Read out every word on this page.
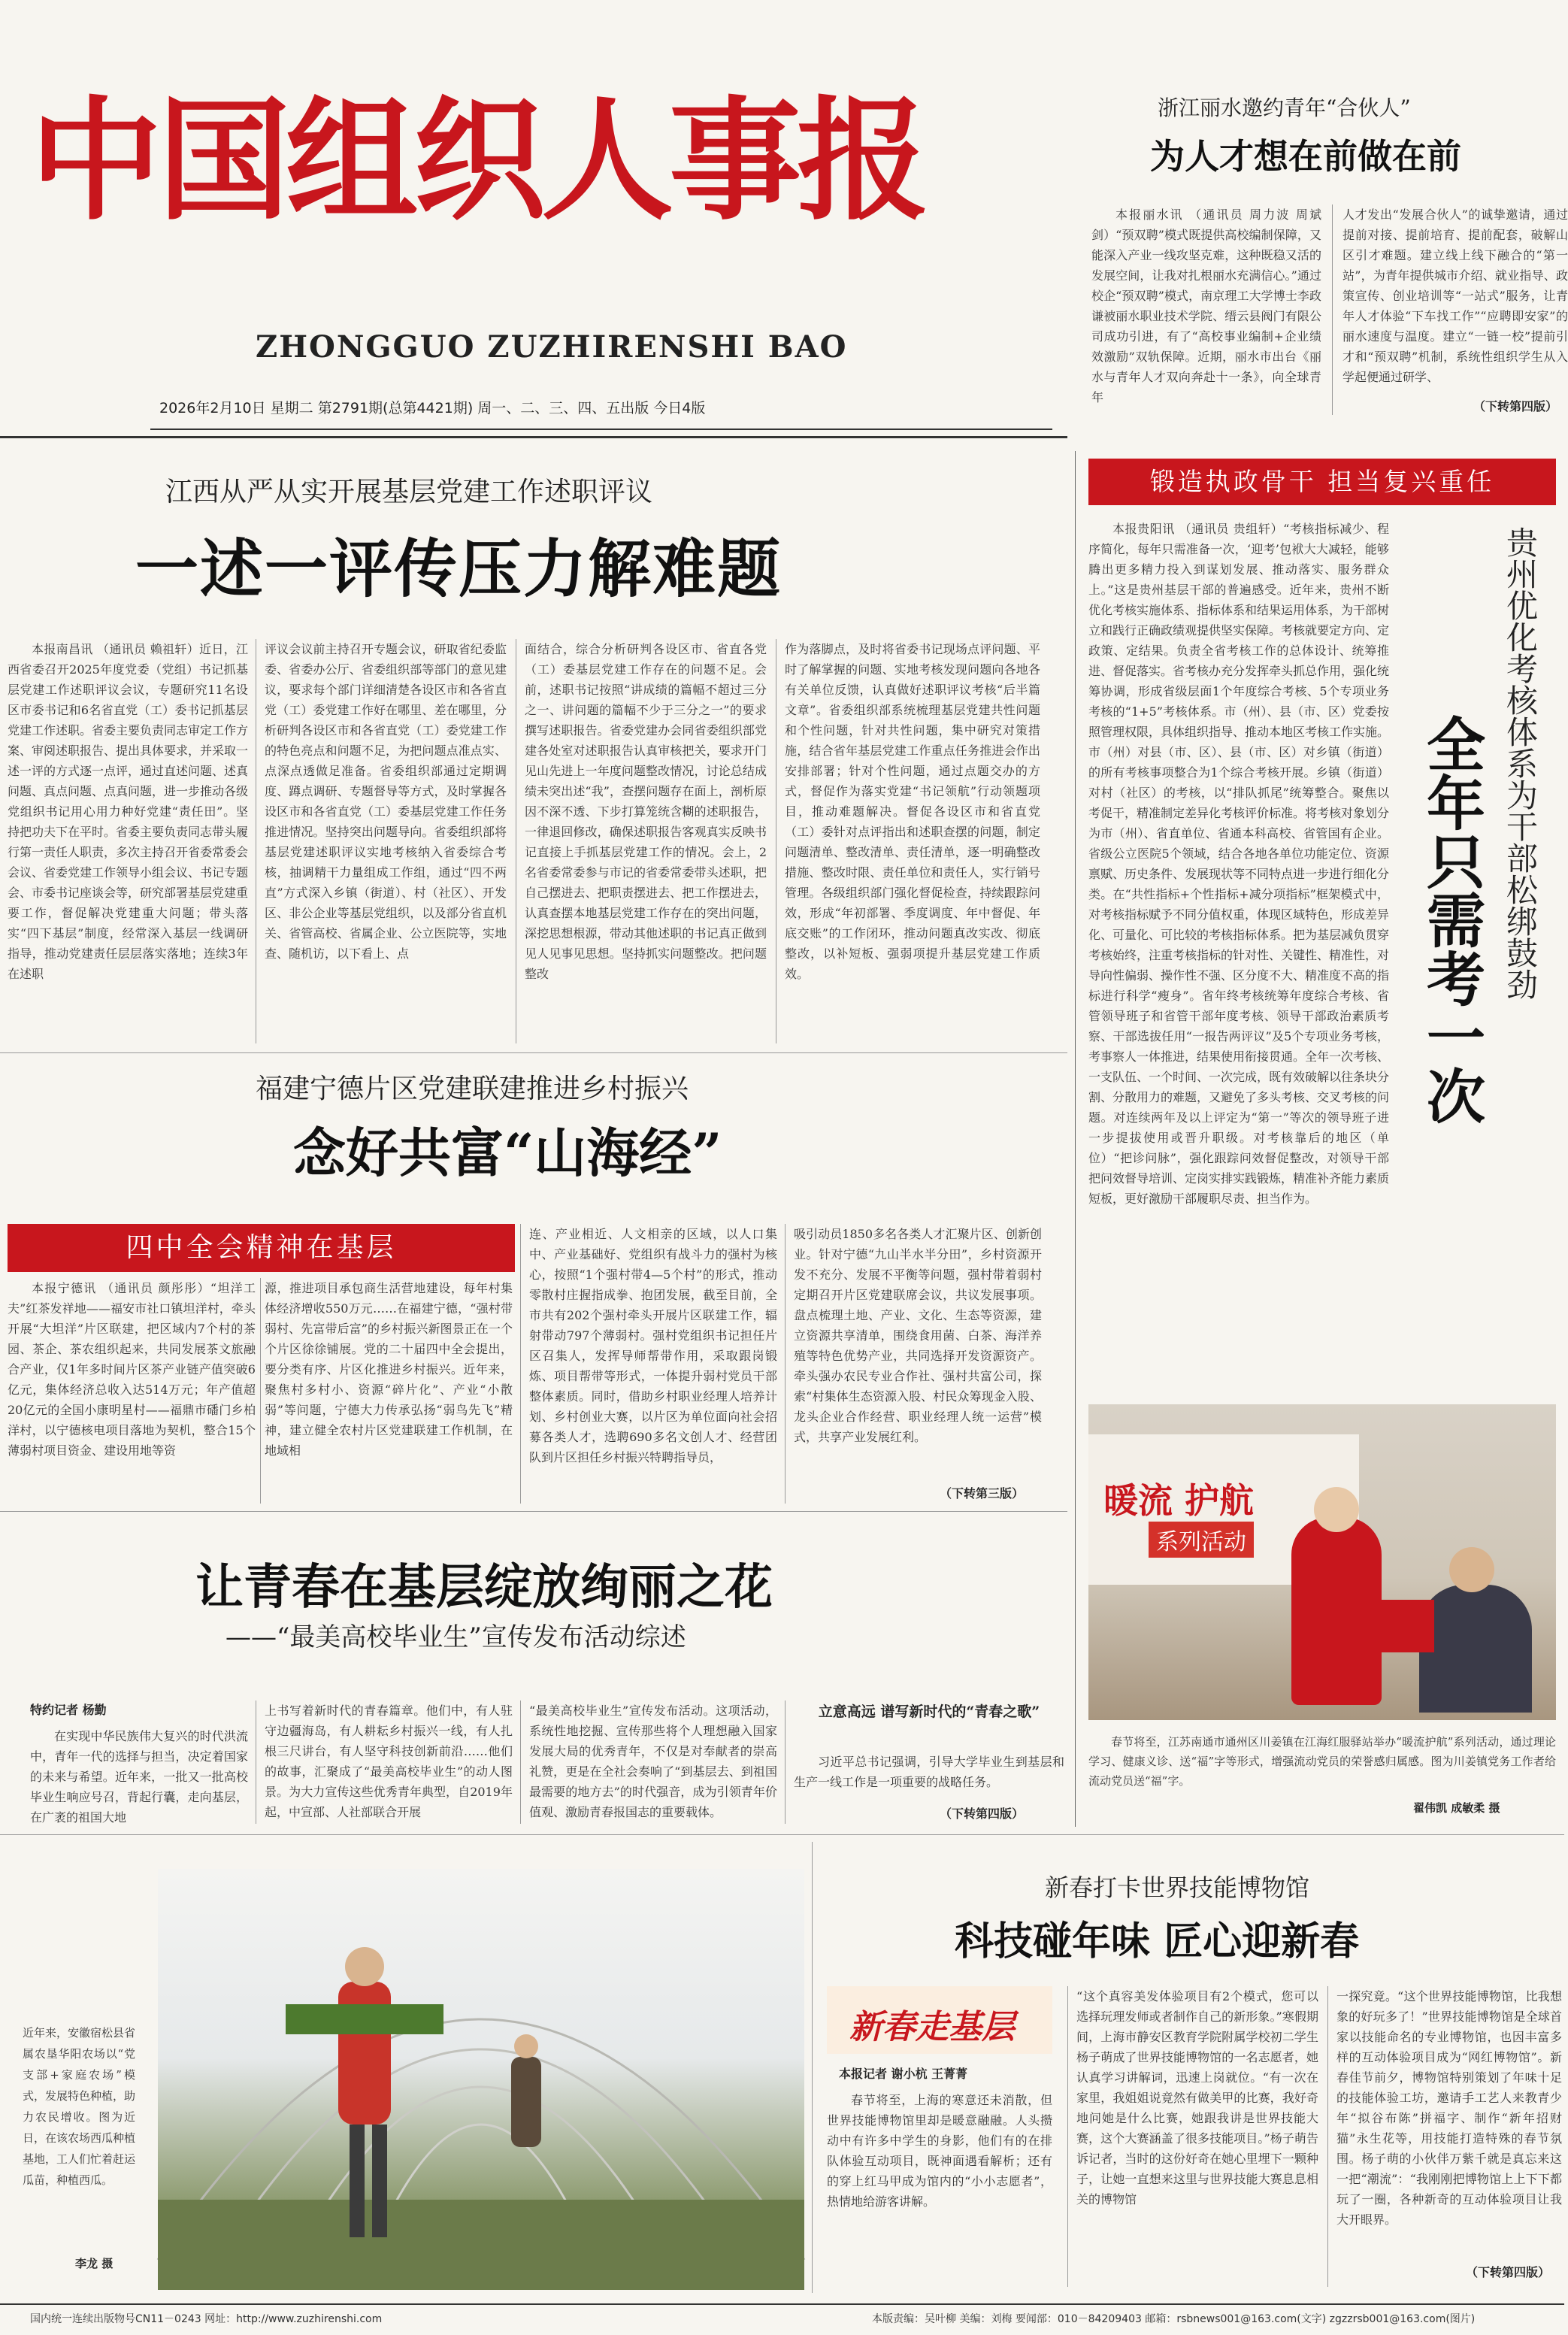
中国组织人事报
ZHONGGUO ZUZHIRENSHI BAO
2026年2月10日 星期二 第2791期(总第4421期) 周一、二、三、四、五出版 今日4版
浙江丽水邀约青年“合伙人”
为人才想在前做在前
本报丽水讯 （通讯员 周力波 周斌剑）“预双聘”模式既提供高校编制保障，又能深入产业一线攻坚克难，这种既稳又活的发展空间，让我对扎根丽水充满信心。”通过校企“预双聘”模式，南京理工大学博士李政谦被丽水职业技术学院、缙云县阀门有限公司成功引进，有了“高校事业编制+企业绩效激励”双轨保障。近期，丽水市出台《丽水与青年人才双向奔赴十一条》，向全球青年
人才发出“发展合伙人”的诚挚邀请，通过提前对接、提前培育、提前配套，破解山区引才难题。建立线上线下融合的“第一站”，为青年提供城市介绍、就业指导、政策宣传、创业培训等“一站式”服务，让青年人才体验“下车找工作”“应聘即安家”的丽水速度与温度。建立“一链一校”提前引才和“预双聘”机制，系统性组织学生从入学起便通过研学、
（下转第四版）
江西从严从实开展基层党建工作述职评议
一述一评传压力解难题
本报南昌讯 （通讯员 赖祖轩）近日，江西省委召开2025年度党委（党组）书记抓基层党建工作述职评议会议，专题研究11名设区市委书记和6名省直党（工）委书记抓基层党建工作述职。省委主要负责同志审定工作方案、审阅述职报告、提出具体要求，并采取一述一评的方式逐一点评，通过直述问题、述真问题、真点问题、点真问题，进一步推动各级党组织书记用心用力种好党建“责任田”。坚持把功夫下在平时。省委主要负责同志带头履行第一责任人职责，多次主持召开省委常委会会议、省委党建工作领导小组会议、书记专题会、市委书记座谈会等，研究部署基层党建重要工作，督促解决党建重大问题；带头落实“四下基层”制度，经常深入基层一线调研指导，推动党建责任层层落实落地；连续3年在述职
评议会议前主持召开专题会议，研取省纪委监委、省委办公厅、省委组织部等部门的意见建议，要求每个部门详细清楚各设区市和各省直党（工）委党建工作好在哪里、差在哪里，分析研判各设区市和各省直党（工）委党建工作的特色亮点和问题不足，为把问题点准点实、点深点透做足准备。省委组织部通过定期调度、蹲点调研、专题督导等方式，及时掌握各设区市和各省直党（工）委基层党建工作任务推进情况。坚持突出问题导向。省委组织部将基层党建述职评议实地考核纳入省委综合考核，抽调精干力量组成工作组，通过“四不两直”方式深入乡镇（街道）、村（社区）、开发区、非公企业等基层党组织，以及部分省直机关、省管高校、省属企业、公立医院等，实地查、随机访，以下看上、点
面结合，综合分析研判各设区市、省直各党（工）委基层党建工作存在的问题不足。会前，述职书记按照“讲成绩的篇幅不超过三分之一、讲问题的篇幅不少于三分之一”的要求撰写述职报告。省委党建办会同省委组织部党建各处室对述职报告认真审核把关，要求开门见山先进上一年度问题整改情况，讨论总结成绩未突出述“我”，查摆问题存在面上，剖析原因不深不透、下步打算笼统含糊的述职报告，一律退回修改，确保述职报告客观真实反映书记直接上手抓基层党建工作的情况。会上，2名省委常委参与市记的省委常委带头述职，把自己摆进去、把职责摆进去、把工作摆进去，认真查摆本地基层党建工作存在的突出问题，深挖思想根源，带动其他述职的书记真正做到见人见事见思想。坚持抓实问题整改。把问题整改
作为落脚点，及时将省委书记现场点评问题、平时了解掌握的问题、实地考核发现问题向各地各有关单位反馈，认真做好述职评议考核“后半篇文章”。省委组织部系统梳理基层党建共性问题和个性问题，针对共性问题，集中研究对策措施，结合省年基层党建工作重点任务推进会作出安排部署；针对个性问题，通过点题交办的方式，督促作为落实党建“书记领航”行动领题项目，推动难题解决。督促各设区市和省直党（工）委针对点评指出和述职查摆的问题，制定问题清单、整改清单、责任清单，逐一明确整改措施、整改时限、责任单位和责任人，实行销号管理。各级组织部门强化督促检查，持续跟踪问效，形成“年初部署、季度调度、年中督促、年底交账”的工作闭环，推动问题真改实改、彻底整改，以补短板、强弱项提升基层党建工作质效。
福建宁德片区党建联建推进乡村振兴
念好共富“山海经”
四中全会精神在基层
本报宁德讯 （通讯员 颜彤彤）“坦洋工夫”红茶发祥地——福安市社口镇坦洋村，牵头开展“大坦洋”片区联建，把区域内7个村的茶园、茶企、茶农组织起来，共同发展茶文旅融合产业，仅1年多时间片区茶产业链产值突破6亿元，集体经济总收入达514万元；年产值超20亿元的全国小康明星村——福鼎市磻门乡柏洋村，以宁德核电项目落地为契机，整合15个薄弱村项目资金、建设用地等资
源，推进项目承包商生活营地建设，每年村集体经济增收550万元……在福建宁德，“强村带弱村、先富带后富”的乡村振兴新图景正在一个个片区徐徐铺展。党的二十届四中全会提出，要分类有序、片区化推进乡村振兴。近年来，聚焦村多村小、资源“碎片化”、产业“小散弱”等问题，宁德大力传承弘扬“弱鸟先飞”精神，建立健全农村片区党建联建工作机制，在地域相
连、产业相近、人文相亲的区域，以人口集中、产业基础好、党组织有战斗力的强村为核心，按照“1个强村带4—5个村”的形式，推动零散村庄握指成拳、抱团发展，截至目前，全市共有202个强村牵头开展片区联建工作，辐射带动797个薄弱村。强村党组织书记担任片区召集人，发挥导师帮带作用，采取跟岗锻炼、项目帮带等形式，一体提升弱村党员干部整体素质。同时，借助乡村职业经理人培养计划、乡村创业大赛，以片区为单位面向社会招募各类人才，选聘690多名文创人才、经营团队到片区担任乡村振兴特聘指导员，
吸引动员1850多名各类人才汇聚片区、创新创业。针对宁德“九山半水半分田”，乡村资源开发不充分、发展不平衡等问题，强村带着弱村定期召开片区党建联席会议，共议发展事项。盘点梳理土地、产业、文化、生态等资源，建立资源共享清单，围绕食用菌、白茶、海洋养殖等特色优势产业，共同选择开发资源资产。牵头强办农民专业合作社、强村共富公司，探索“村集体生态资源入股、村民众筹现金入股、龙头企业合作经营、职业经理人统一运营”模式，共享产业发展红利。
（下转第三版）
锻造执政骨干 担当复兴重任
本报贵阳讯 （通讯员 贵组轩）“考核指标减少、程序简化，每年只需准备一次，‘迎考’包袱大大减轻，能够腾出更多精力投入到谋划发展、推动落实、服务群众上。”这是贵州基层干部的普遍感受。近年来，贵州不断优化考核实施体系、指标体系和结果运用体系，为干部树立和践行正确政绩观提供坚实保障。考核就要定方向、定政策、定结果。负责全省考核工作的总体设计、统筹推进、督促落实。省考核办充分发挥牵头抓总作用，强化统筹协调，形成省级层面1个年度综合考核、5个专项业务考核的“1+5”考核体系。市（州）、县（市、区）党委按照管理权限，具体组织指导、推动本地区考核工作实施。市（州）对县（市、区）、县（市、区）对乡镇（街道）的所有考核事项整合为1个综合考核开展。乡镇（街道）对村（社区）的考核，以“排队抓尾”统筹整合。聚焦以考促干，精准制定差异化考核评价标准。将考核对象划分为市（州）、省直单位、省通本科高校、省管国有企业。省级公立医院5个领域，结合各地各单位功能定位、资源禀赋、历史条件、发展现状等不同特点进一步进行细化分类。在“共性指标+个性指标+减分项指标”框架模式中，对考核指标赋予不同分值权重，体现区域特色，形成差异化、可量化、可比较的考核指标体系。把为基层减负贯穿考核始终，注重考核指标的针对性、关键性、精准性，对导向性偏弱、操作性不强、区分度不大、精准度不高的指标进行科学“瘦身”。省年终考核统筹年度综合考核、省管领导班子和省管干部年度考核、领导干部政治素质考察、干部选拔任用“一报告两评议”及5个专项业务考核，考事察人一体推进，结果使用衔接贯通。全年一次考核、一支队伍、一个时间、一次完成，既有效破解以往条块分割、分散用力的难题，又避免了多头考核、交叉考核的问题。对连续两年及以上评定为“第一”等次的领导班子进一步提拔使用或晋升职级。对考核靠后的地区（单位）“把诊问脉”，强化跟踪问效督促整改，对领导干部把问效督导培训、定岗实排实践锻炼，精准补齐能力素质短板，更好激励干部履职尽责、担当作为。
贵州优化考核体系为干部松绑鼓劲
全年只需考一次
暖流 护航
系列活动
春节将至，江苏南通市通州区川姜镇在江海红服驿站举办“暖流护航”系列活动，通过理论学习、健康义诊、送“福”字等形式，增强流动党员的荣誉感归属感。图为川姜镇党务工作者给流动党员送“福”字。
翟伟凯 成敏柔 摄
让青春在基层绽放绚丽之花
——“最美高校毕业生”宣传发布活动综述
特约记者 杨勤
在实现中华民族伟大复兴的时代洪流中，青年一代的选择与担当，决定着国家的未来与希望。近年来，一批又一批高校毕业生响应号召，背起行囊，走向基层，在广袤的祖国大地
上书写着新时代的青春篇章。他们中，有人驻守边疆海岛，有人耕耘乡村振兴一线，有人扎根三尺讲台，有人坚守科技创新前沿……他们的故事，汇聚成了“最美高校毕业生”的动人图景。为大力宣传这些优秀青年典型，自2019年起，中宣部、人社部联合开展
“最美高校毕业生”宣传发布活动。这项活动，系统性地挖掘、宣传那些将个人理想融入国家发展大局的优秀青年，不仅是对奉献者的崇高礼赞，更是在全社会奏响了“到基层去、到祖国最需要的地方去”的时代强音，成为引领青年价值观、激励青春报国志的重要载体。
立意高远 谱写新时代的“青春之歌”
习近平总书记强调，引导大学毕业生到基层和生产一线工作是一项重要的战略任务。
（下转第四版）
近年来，安徽宿松县省属农垦华阳农场以“党支部+家庭农场”模式，发展特色种植，助力农民增收。图为近日，在该农场西瓜种植基地，工人们忙着赶运瓜苗，种植西瓜。
李龙 摄
新春打卡世界技能博物馆
科技碰年味 匠心迎新春
新春走基层
本报记者 谢小杭 王菁菁
春节将至，上海的寒意还未消散，但世界技能博物馆里却是暖意融融。人头攒动中有许多中学生的身影，他们有的在排队体验互动项目，既神面遇看解析；还有的穿上红马甲成为馆内的“小小志愿者”，热情地给游客讲解。
“这个真容美发体验项目有2个模式，您可以选择玩理发师或者制作自己的新形象。”寒假期间，上海市静安区教育学院附属学校初二学生杨子萌成了世界技能博物馆的一名志愿者，她认真学习讲解词，迅速上岗就位。“有一次在家里，我姐姐说竟然有做美甲的比赛，我好奇地问她是什么比赛，她跟我讲是世界技能大赛，这个大赛涵盖了很多技能项目。”杨子萌告诉记者，当时的这份好奇在她心里埋下一颗种子，让她一直想来这里与世界技能大赛息息相关的博物馆
一探究竟。“这个世界技能博物馆，比我想象的好玩多了！”世界技能博物馆是全球首家以技能命名的专业博物馆，也因丰富多样的互动体验项目成为“网红博物馆”。新春佳节前夕，博物馆特别策划了年味十足的技能体验工坊，邀请手工艺人来教青少年“拟谷布陈”拼福字、制作“新年招财猫”永生花等，用技能打造特殊的春节氛围。杨子萌的小伙伴万紫千就是真忘来这一把“潮流”：“我刚刚把博物馆上上下下都玩了一圈，各种新奇的互动体验项目让我大开眼界。
（下转第四版）
国内统一连续出版物号CN11－0243 网址：http://www.zuzhirenshi.com	本版责编：吴叶柳 美编：刘梅 要闻部：010－84209403 邮箱：rsbnews001@163.com(文字) zgzzrsb001@163.com(图片)
